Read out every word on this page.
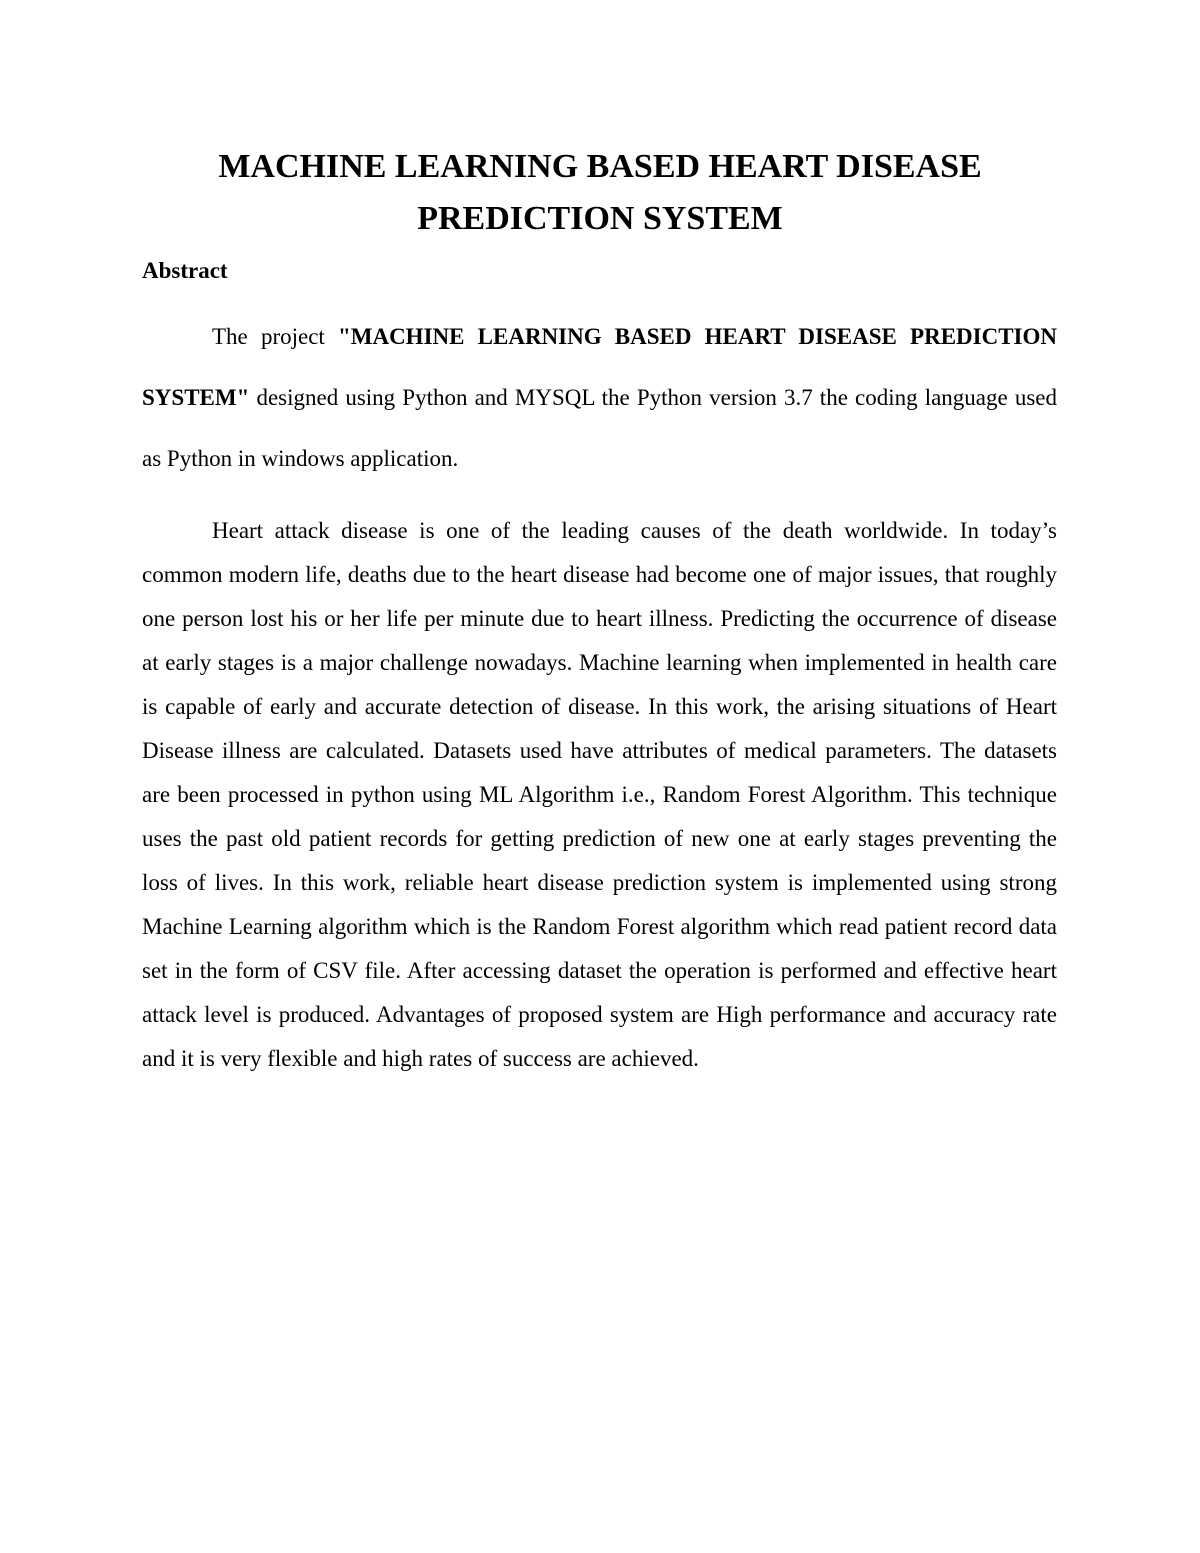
MACHINE LEARNING BASED HEART DISEASE
PREDICTION SYSTEM
Abstract

The project "MACHINE LEARNING BASED HEART DISEASE PREDICTION SYSTEM" designed using Python and MYSQL the Python version 3.7 the coding language used as Python in windows application.

Heart attack disease is one of the leading causes of the death worldwide. In today’s common modern life, deaths due to the heart disease had become one of major issues, that roughly one person lost his or her life per minute due to heart illness. Predicting the occurrence of disease at early stages is a major challenge nowadays. Machine learning when implemented in health care is capable of early and accurate detection of disease. In this work, the arising situations of Heart Disease illness are calculated. Datasets used have attributes of medical parameters. The datasets are been processed in python using ML Algorithm i.e., Random Forest Algorithm. This technique uses the past old patient records for getting prediction of new one at early stages preventing the loss of lives. In this work, reliable heart disease prediction system is implemented using strong Machine Learning algorithm which is the Random Forest algorithm which read patient record data set in the form of CSV file. After accessing dataset the operation is performed and effective heart attack level is produced. Advantages of proposed system are High performance and accuracy rate and it is very flexible and high rates of success are achieved.
